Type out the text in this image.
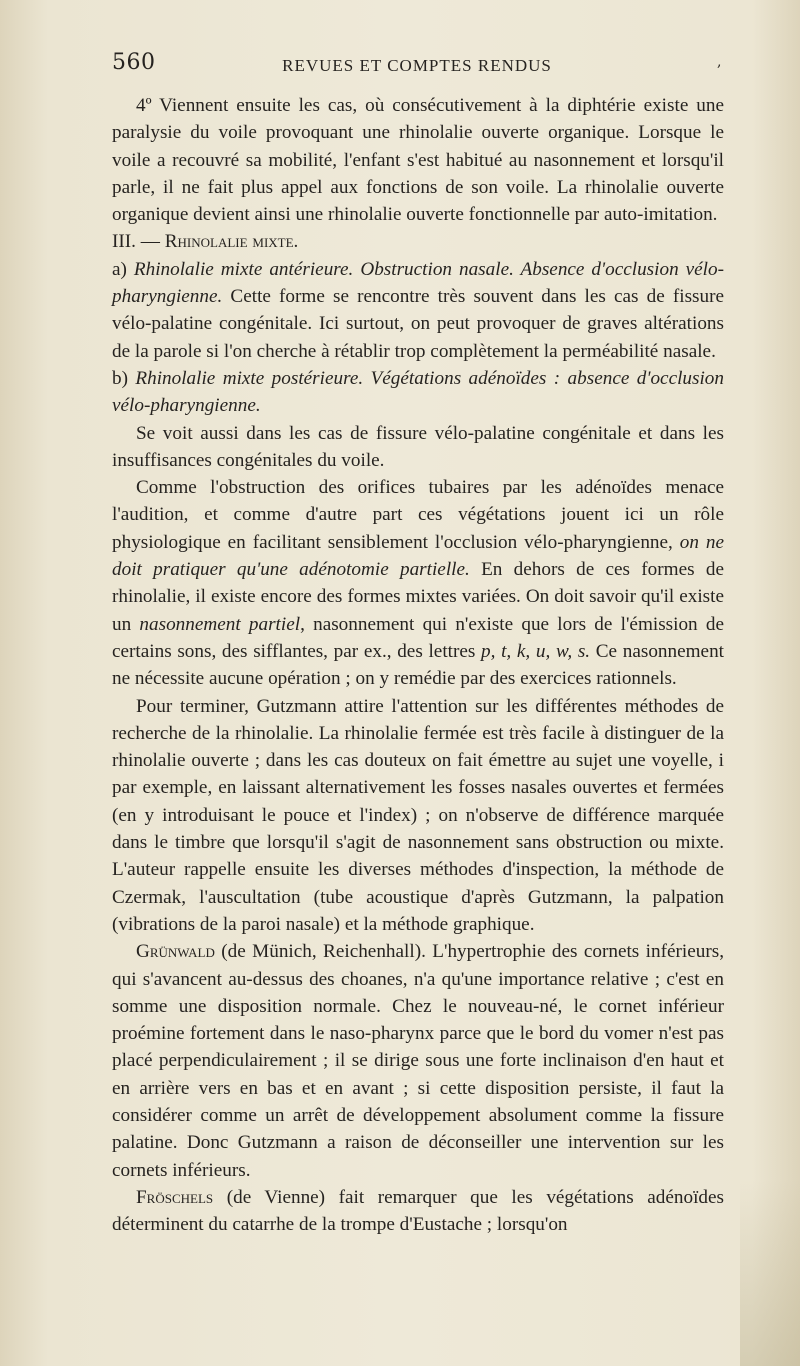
560	REVUES ET COMPTES RENDUS	,

4º Viennent ensuite les cas, où consécutivement à la diphtérie existe une paralysie du voile provoquant une rhinolalie ouverte organique. Lorsque le voile a recouvré sa mobilité, l'enfant s'est habitué au nasonnement et lorsqu'il parle, il ne fait plus appel aux fonctions de son voile. La rhinolalie ouverte organique devient ainsi une rhinolalie ouverte fonctionnelle par auto-imitation.

III. — Rhinolalie mixte.

a) Rhinolalie mixte antérieure. Obstruction nasale. Absence d'occlusion vélo-pharyngienne. Cette forme se rencontre très souvent dans les cas de fissure vélo-palatine congénitale. Ici surtout, on peut provoquer de graves altérations de la parole si l'on cherche à rétablir trop complètement la perméabilité nasale.

b) Rhinolalie mixte postérieure. Végétations adénoïdes : absence d'occlusion vélo-pharyngienne.

Se voit aussi dans les cas de fissure vélo-palatine congénitale et dans les insuffisances congénitales du voile.

Comme l'obstruction des orifices tubaires par les adénoïdes menace l'audition, et comme d'autre part ces végétations jouent ici un rôle physiologique en facilitant sensiblement l'occlusion vélo-pharyngienne, on ne doit pratiquer qu'une adénotomie partielle. En dehors de ces formes de rhinolalie, il existe encore des formes mixtes variées. On doit savoir qu'il existe un nasonnement partiel, nasonnement qui n'existe que lors de l'émission de certains sons, des sifflantes, par ex., des lettres p, t, k, u, w, s. Ce nasonnement ne nécessite aucune opération ; on y remédie par des exercices rationnels.

Pour terminer, Gutzmann attire l'attention sur les différentes méthodes de recherche de la rhinolalie. La rhinolalie fermée est très facile à distinguer de la rhinolalie ouverte ; dans les cas douteux on fait émettre au sujet une voyelle, i par exemple, en laissant alternativement les fosses nasales ouvertes et fermées (en y introduisant le pouce et l'index) ; on n'observe de différence marquée dans le timbre que lorsqu'il s'agit de nasonnement sans obstruction ou mixte. L'auteur rappelle ensuite les diverses méthodes d'inspection, la méthode de Czermak, l'auscultation (tube acoustique d'après Gutzmann, la palpation (vibrations de la paroi nasale) et la méthode graphique.

Grünwald (de Münich, Reichenhall). L'hypertrophie des cornets inférieurs, qui s'avancent au-dessus des choanes, n'a qu'une importance relative ; c'est en somme une disposition normale. Chez le nouveau-né, le cornet inférieur proémine fortement dans le naso-pharynx parce que le bord du vomer n'est pas placé perpendiculairement ; il se dirige sous une forte inclinaison d'en haut et en arrière vers en bas et en avant ; si cette disposition persiste, il faut la considérer comme un arrêt de développement absolument comme la fissure palatine. Donc Gutzmann a raison de déconseiller une intervention sur les cornets inférieurs.

Fröschels (de Vienne) fait remarquer que les végétations adénoïdes déterminent du catarrhe de la trompe d'Eustache ; lorsqu'on
